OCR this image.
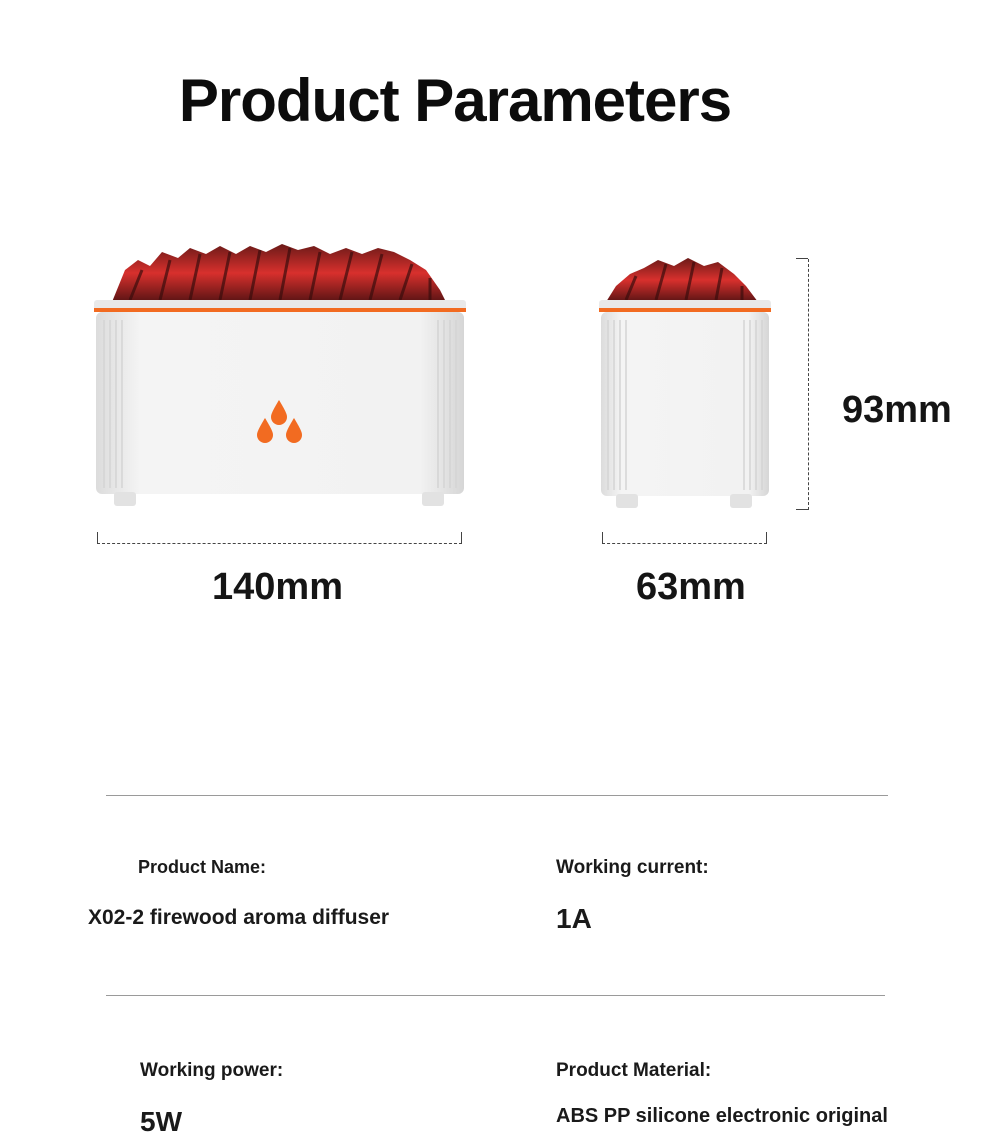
Product Parameters
140mm	63mm
93mm
Product Name:
X02-2 firewood aroma diffuser
Working current:
1A
Working power:
5W
Product Material:
ABS PP silicone electronic original
